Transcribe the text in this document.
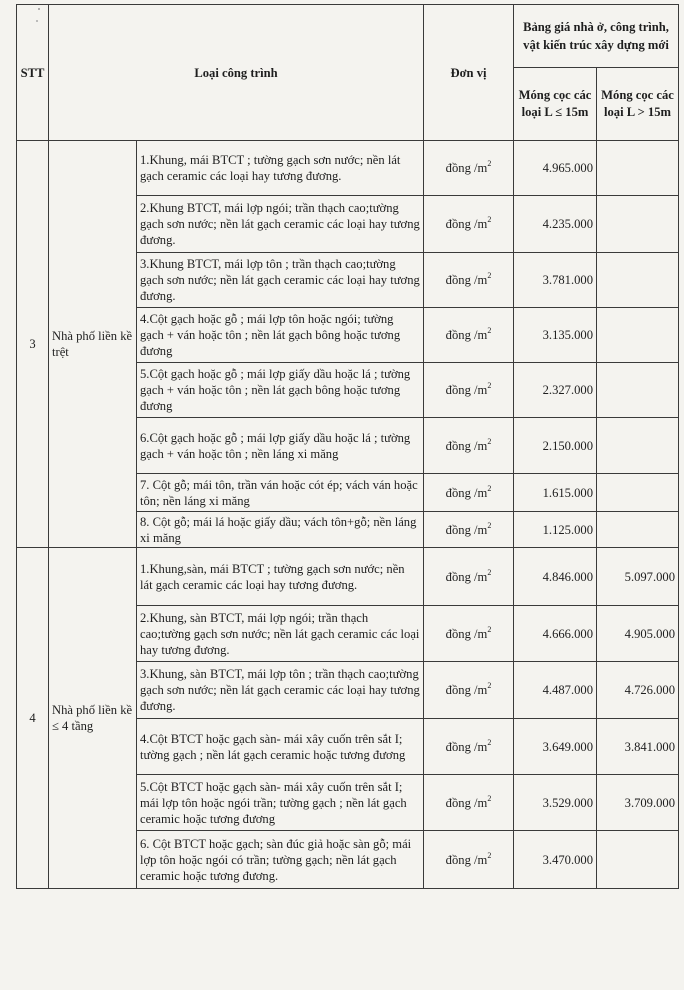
STT	Loại công trình		Đơn vị	Bảng giá nhà ở, công trình, vật kiến trúc xây dựng mới	
				Móng cọc các loại L ≤ 15m	Móng cọc các loại L > 15m
3	Nhà phố liền kề trệt	1.Khung, mái BTCT ; tường gạch sơn nước; nền lát gạch ceramic các loại hay tương đương.	đồng $/m^2$	4.965.000	
		2.Khung BTCT, mái lợp ngói; trần thạch cao;tường gạch sơn nước; nền lát gạch ceramic các loại hay tương đương.	đồng $/m^2$	4.235.000	
		3.Khung BTCT, mái lợp tôn ; trần thạch cao;tường gạch sơn nước; nền lát gạch ceramic các loại hay tương đương.	đồng $/m^2$	3.781.000	
		4.Cột gạch hoặc gỗ ; mái lợp tôn hoặc ngói; tường gạch + ván hoặc tôn ; nền lát gạch bông hoặc tương đương	đồng $/m^2$	3.135.000	
		5.Cột gạch hoặc gỗ ; mái lợp giấy dầu hoặc lá ; tường gạch + ván hoặc tôn ; nền lát gạch bông hoặc tương đương	đồng $/m^2$	2.327.000	
		6.Cột gạch hoặc gỗ ; mái lợp giấy dầu hoặc lá ; tường gạch + ván hoặc tôn ; nền láng xi măng	đồng $/m^2$	2.150.000	
		7. Cột gỗ; mái tôn, trần ván hoặc cót ép; vách ván hoặc tôn; nền láng xi măng	đồng $/m^2$	1.615.000	
		8. Cột gỗ; mái lá hoặc giấy dầu; vách tôn+gỗ; nền láng xi măng	đồng $/m^2$	1.125.000	
4	Nhà phố liền kề ≤ 4 tầng	1.Khung,sàn, mái BTCT ; tường gạch sơn nước; nền lát gạch ceramic các loại hay tương đương.	đồng $/m^2$	4.846.000	5.097.000
		2.Khung, sàn BTCT, mái lợp ngói; trần thạch cao;tường gạch sơn nước; nền lát gạch ceramic các loại hay tương đương.	đồng $/m^2$	4.666.000	4.905.000
		3.Khung, sàn BTCT, mái lợp tôn ; trần thạch cao;tường gạch sơn nước; nền lát gạch ceramic các loại hay tương đương.	đồng $/m^2$	4.487.000	4.726.000
		4.Cột BTCT hoặc gạch sàn- mái xây cuốn trên sắt I; tường gạch ; nền lát gạch ceramic hoặc tương đương	đồng $/m^2$	3.649.000	3.841.000
		5.Cột BTCT hoặc gạch sàn- mái xây cuốn trên sắt I; mái lợp tôn hoặc ngói trần; tường gạch ; nền lát gạch ceramic hoặc tương đương	đồng $/m^2$	3.529.000	3.709.000
		6. Cột BTCT hoặc gạch; sàn đúc giả hoặc sàn gỗ; mái lợp tôn hoặc ngói có trần; tường gạch; nền lát gạch ceramic hoặc tương đương.	đồng $/m^2$	3.470.000	
